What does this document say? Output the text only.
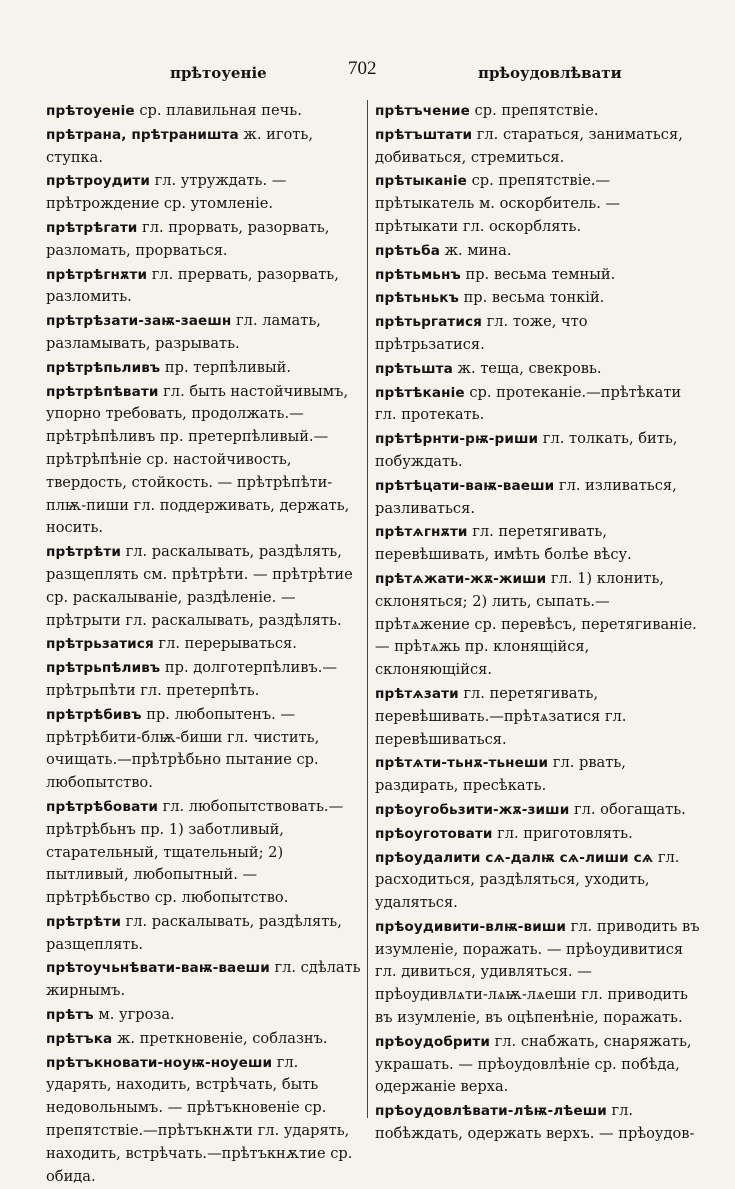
прѣтоуеніе	702	прѣоудовлѣвати
прѣтоуеніе ср. плавильная печь.
прѣтранa, прѣтраништа ж. иготь, ступка.
прѣтроудити гл. утруждать. — прѣтрождение ср. утомленіе.
прѣтрѣгати гл. прорвать, разорвать, разломать, прорваться.
прѣтрѣгнѫти гл. прервать, разорвать, разломить.
прѣтрѣзати-заѭ-заешн гл. ламать, разламывать, разрывать.
прѣтрѣпьливъ пр. терпѣливый.
прѣтрѣпѣвати гл. быть настойчивымъ, упорно требовать, продолжать.—прѣтрѣпѣливъ пр. претерпѣливый.—прѣтрѣпѣніе ср. настойчивость, твердость, стойкость. — прѣтрѣпѣти-плѭ-пиши гл. поддерживать, держать, носить.
прѣтрѣти гл. раскалывать, раздѣлять, разщеплять см. прѣтрѣти. — прѣтрѣтие ср. раскалываніе, раздѣленіе. — прѣтрыти гл. раскалывать, раздѣлять.
прѣтрьзатися гл. перерываться.
прѣтрьпѣливъ пр. долготерпѣливъ.—прѣтрьпѣти гл. претерпѣть.
прѣтрѣбивъ пр. любопытенъ. — прѣтрѣбити-блѭ-биши гл. чистить, очищать.—прѣтрѣбьно пытание ср. любопытство.
прѣтрѣбовати гл. любопытствовать.—прѣтрѣбьнъ пр. 1) заботливый, старательный, тщательный; 2) пытливый, любопытный. — прѣтрѣбьство ср. любопытство.
прѣтрѣти гл. раскалывать, раздѣлять, разщеплять.
прѣтоучьнѣвати-ваѭ-ваеши гл. сдѣлать жирнымъ.
прѣтъ м. угроза.
прѣтъка ж. преткновеніе, соблазнъ.
прѣтъкновати-ноуѭ-ноуеши гл. ударять, находить, встрѣчать, быть недовольнымъ. — прѣтъкновеніе ср. препятствіе.—прѣтъкнѫти гл. ударять, находить, встрѣчать.—прѣтъкнѫтие ср. обида.
прѣтъчение ср. препятствіе.
прѣтъштати гл. стараться, заниматься, добиваться, стремиться.
прѣтыканіе ср. препятствіе.—прѣтыкатель м. оскорбитель. — прѣтыкати гл. оскорблять.
прѣтьба ж. мина.
прѣтьмьнъ пр. весьма темный.
прѣтьнькъ пр. весьма тонкій.
прѣтьргатися гл. тоже, что прѣтрьзатися.
прѣтьшта ж. теща, свекровь.
прѣтѣканіе ср. протеканіе.—прѣтѣкати гл. протекать.
прѣтѣрнти-рѭ-риши гл. толкать, бить, побуждать.
прѣтѣцати-ваѭ-ваеши гл. изливаться, разливаться.
прѣтѧгнѫти гл. перетягивать, перевѣшивать, имѣть болѣе вѣсу.
прѣтѧжати-жѫ-жиши гл. 1) клонить, склоняться; 2) лить, сыпать.—прѣтѧжение ср. перевѣсъ, перетягиваніе. — прѣтѧжь пр. клонящійся, склоняющійся.
прѣтѧзати гл. перетягивать, перевѣшивать.—прѣтѧзатися гл. перевѣшиваться.
прѣтѧти-тьнѫ-тьнеши гл. рвать, раздирать, пресѣкать.
прѣоугобьзити-жѫ-зиши гл. обогащать.
прѣоуготовати гл. приготовлять.
прѣоудалити сѧ-далѭ сѧ-лиши сѧ гл. расходиться, раздѣляться, уходить, удаляться.
прѣоудивити-влѭ-виши гл. приводить въ изумленіе, поражать. — прѣоудивитися гл. дивиться, удивляться. — прѣоудивлѧти-лѧѭ-лѧеши гл. приводить въ изумленіе, въ оцѣпенѣніе, поражать.
прѣоудобрити гл. снабжать, снаряжать, украшать. — прѣоудовлѣніе ср. побѣда, одержаніе верха.
прѣоудовлѣвати-лѣѭ-лѣеши гл. побѣждать, одержать верхъ. — прѣоудов-
